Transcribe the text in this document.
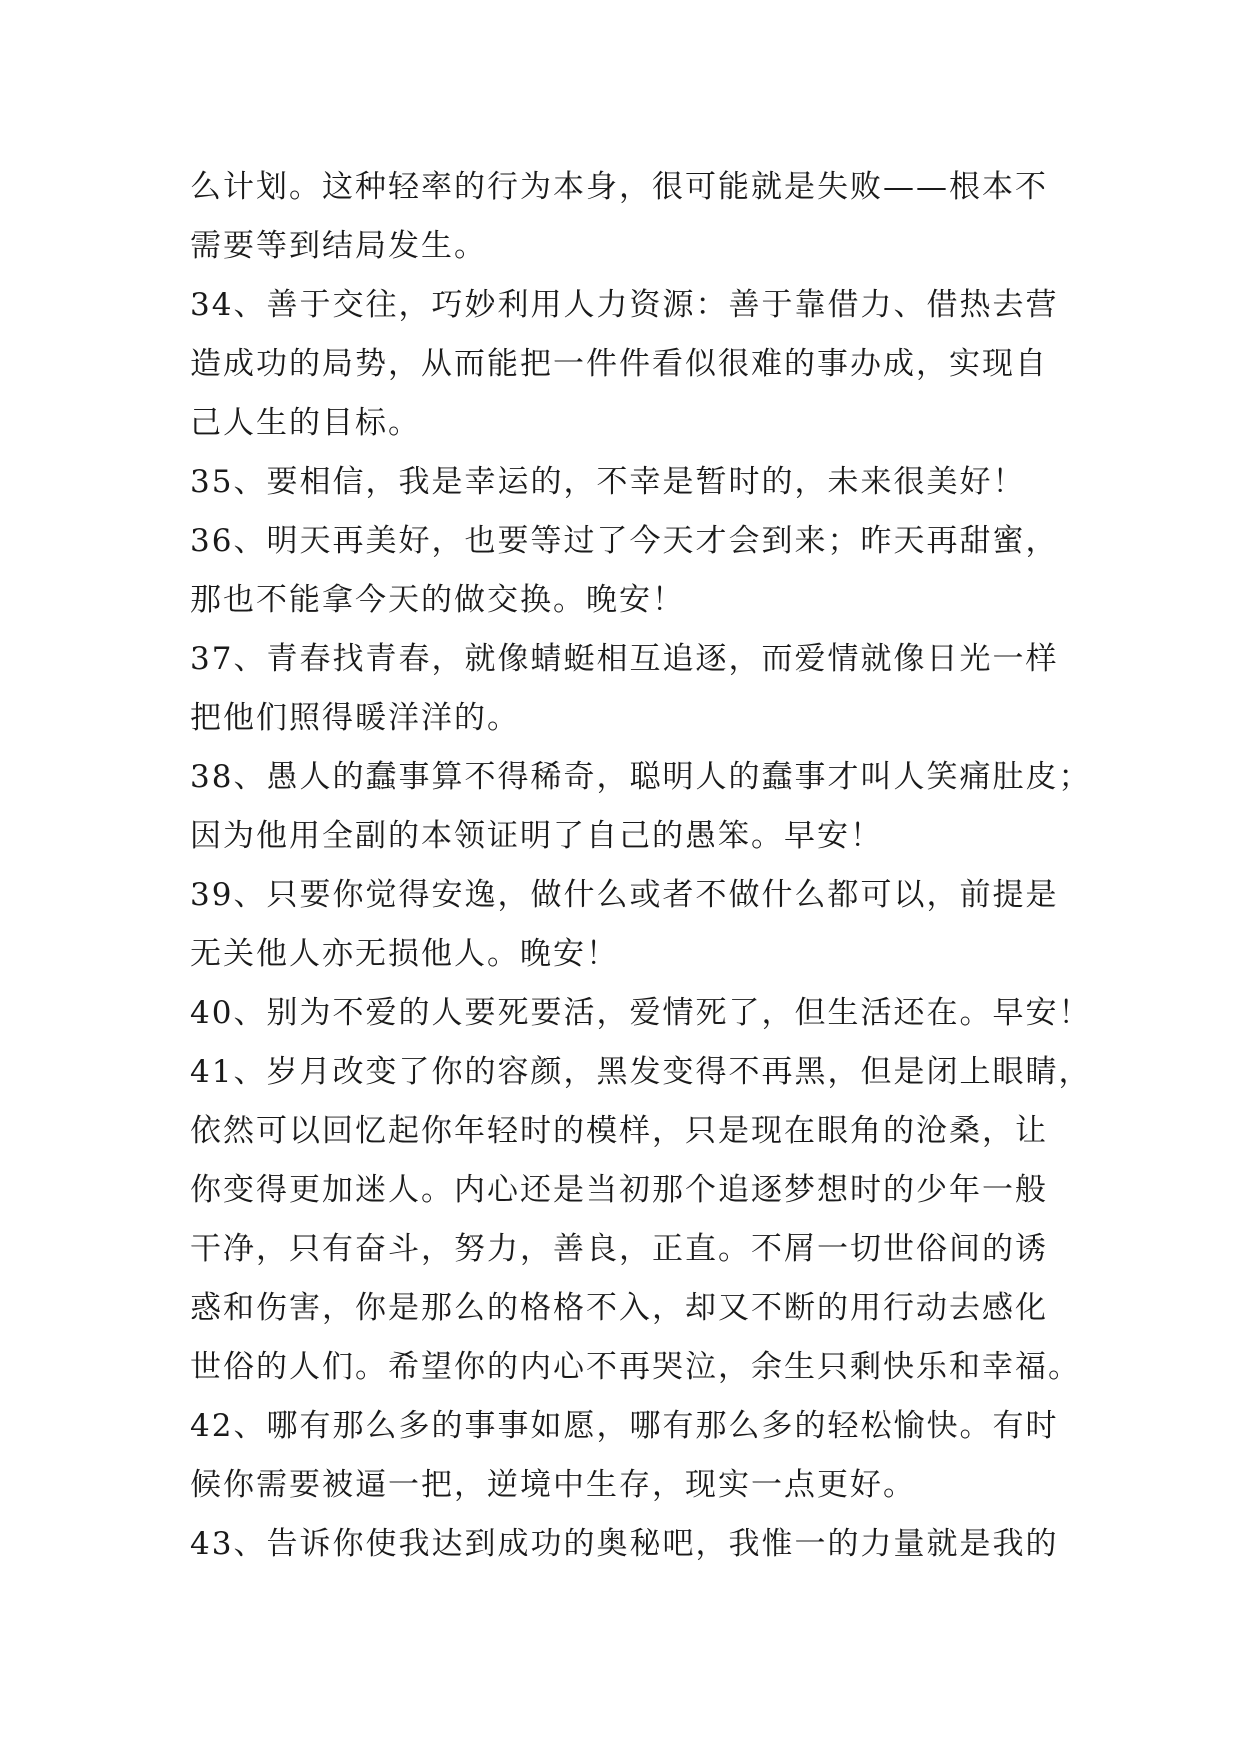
么计划。这种轻率的行为本身，很可能就是失败——根本不
需要等到结局发生。
34、善于交往，巧妙利用人力资源：善于靠借力、借热去营
造成功的局势，从而能把一件件看似很难的事办成，实现自
己人生的目标。
35、要相信，我是幸运的，不幸是暂时的，未来很美好！
36、明天再美好，也要等过了今天才会到来；昨天再甜蜜，
那也不能拿今天的做交换。晚安！
37、青春找青春，就像蜻蜓相互追逐，而爱情就像日光一样
把他们照得暖洋洋的。
38、愚人的蠢事算不得稀奇，聪明人的蠢事才叫人笑痛肚皮；
因为他用全副的本领证明了自己的愚笨。早安！
39、只要你觉得安逸，做什么或者不做什么都可以，前提是
无关他人亦无损他人。晚安！
40、别为不爱的人要死要活，爱情死了，但生活还在。早安！
41、岁月改变了你的容颜，黑发变得不再黑，但是闭上眼睛，
依然可以回忆起你年轻时的模样，只是现在眼角的沧桑，让
你变得更加迷人。内心还是当初那个追逐梦想时的少年一般
干净，只有奋斗，努力，善良，正直。不屑一切世俗间的诱
惑和伤害，你是那么的格格不入，却又不断的用行动去感化
世俗的人们。希望你的内心不再哭泣，余生只剩快乐和幸福。
42、哪有那么多的事事如愿，哪有那么多的轻松愉快。有时
候你需要被逼一把，逆境中生存，现实一点更好。
43、告诉你使我达到成功的奥秘吧，我惟一的力量就是我的
